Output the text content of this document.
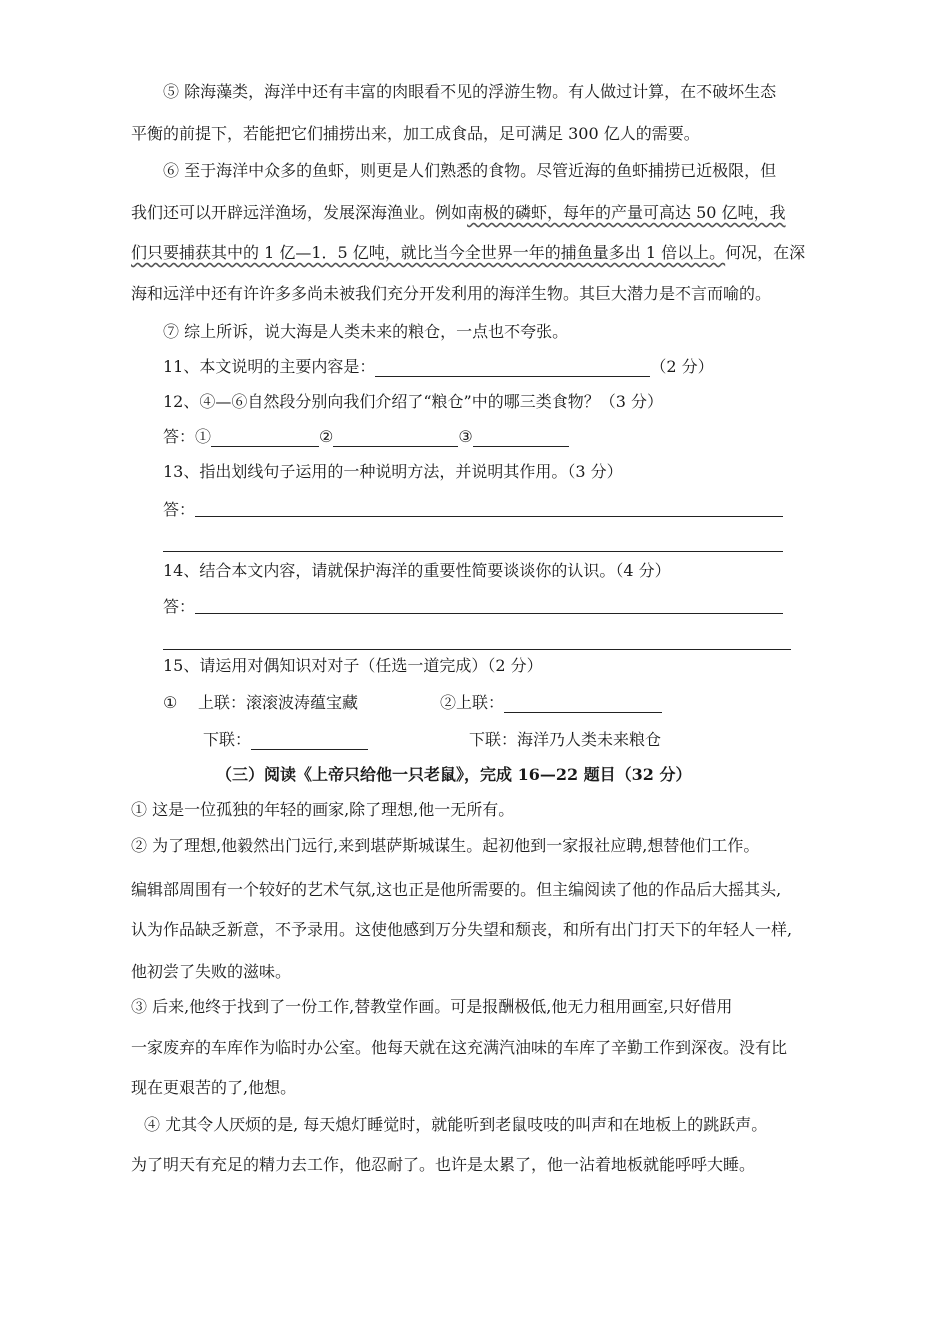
⑤ 除海藻类，海洋中还有丰富的肉眼看不见的浮游生物。有人做过计算，在不破坏生态
平衡的前提下，若能把它们捕捞出来，加工成食品，足可满足 300 亿人的需要。
⑥ 至于海洋中众多的鱼虾，则更是人们熟悉的食物。尽管近海的鱼虾捕捞已近极限，但
我们还可以开辟远洋渔场，发展深海渔业。例如南极的磷虾，每年的产量可高达 50 亿吨，我
们只要捕获其中的 1 亿—1．5 亿吨，就比当今全世界一年的捕鱼量多出 1 倍以上。何况，在深
海和远洋中还有许许多多尚未被我们充分开发利用的海洋生物。其巨大潜力是不言而喻的。
⑦ 综上所诉，说大海是人类未来的粮仓，一点也不夸张。
11、本文说明的主要内容是：	（2 分）
12、④—⑥自然段分别向我们介绍了“粮仓”中的哪三类食物？（3 分）
答：①	②	③
13、指出划线句子运用的一种说明方法，并说明其作用。（3 分）
答：
14、结合本文内容，请就保护海洋的重要性简要谈谈你的认识。（4 分）
答：
15、请运用对偶知识对对子（任选一道完成）（2 分）
① 上联：滚滚波涛蕴宝藏	②上联：
下联：	下联：海洋乃人类未来粮仓
（三）阅读《上帝只给他一只老鼠》，完成 16—22 题目（32 分）
① 这是一位孤独的年轻的画家,除了理想,他一无所有。
② 为了理想,他毅然出门远行,来到堪萨斯城谋生。起初他到一家报社应聘,想替他们工作。
编辑部周围有一个较好的艺术气氛,这也正是他所需要的。但主编阅读了他的作品后大摇其头,
认为作品缺乏新意，不予录用。这使他感到万分失望和颓丧，和所有出门打天下的年轻人一样,
他初尝了失败的滋味。
③ 后来,他终于找到了一份工作,替教堂作画。可是报酬极低,他无力租用画室,只好借用
一家废弃的车库作为临时办公室。他每天就在这充满汽油味的车库了辛勤工作到深夜。没有比
现在更艰苦的了,他想。
④ 尤其令人厌烦的是, 每天熄灯睡觉时，就能听到老鼠吱吱的叫声和在地板上的跳跃声。
为了明天有充足的精力去工作，他忍耐了。也许是太累了，他一沾着地板就能呼呼大睡。
